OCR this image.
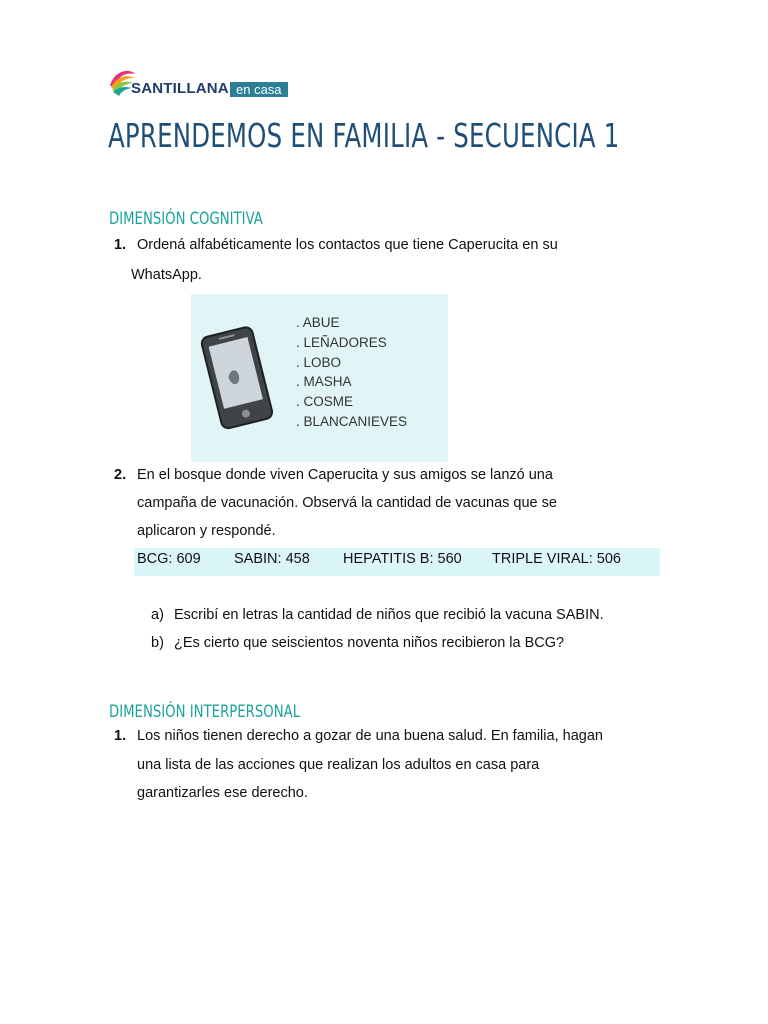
SANTILLANA en casa
APRENDEMOS EN FAMILIA - SECUENCIA 1
DIMENSIÓN COGNITIVA
1. Ordená alfabéticamente los contactos que tiene Caperucita en su
WhatsApp.
. ABUE
. LEÑADORES
. LOBO
. MASHA
. COSME
. BLANCANIEVES
2. En el bosque donde viven Caperucita y sus amigos se lanzó una
campaña de vacunación. Observá la cantidad de vacunas que se
aplicaron y respondé.
BCG: 609 SABIN: 458 HEPATITIS B: 560 TRIPLE VIRAL: 506
a) Escribí en letras la cantidad de niños que recibió la vacuna SABIN.
b) ¿Es cierto que seiscientos noventa niños recibieron la BCG?
DIMENSIÓN INTERPERSONAL
1. Los niños tienen derecho a gozar de una buena salud. En familia, hagan
una lista de las acciones que realizan los adultos en casa para
garantizarles ese derecho.
